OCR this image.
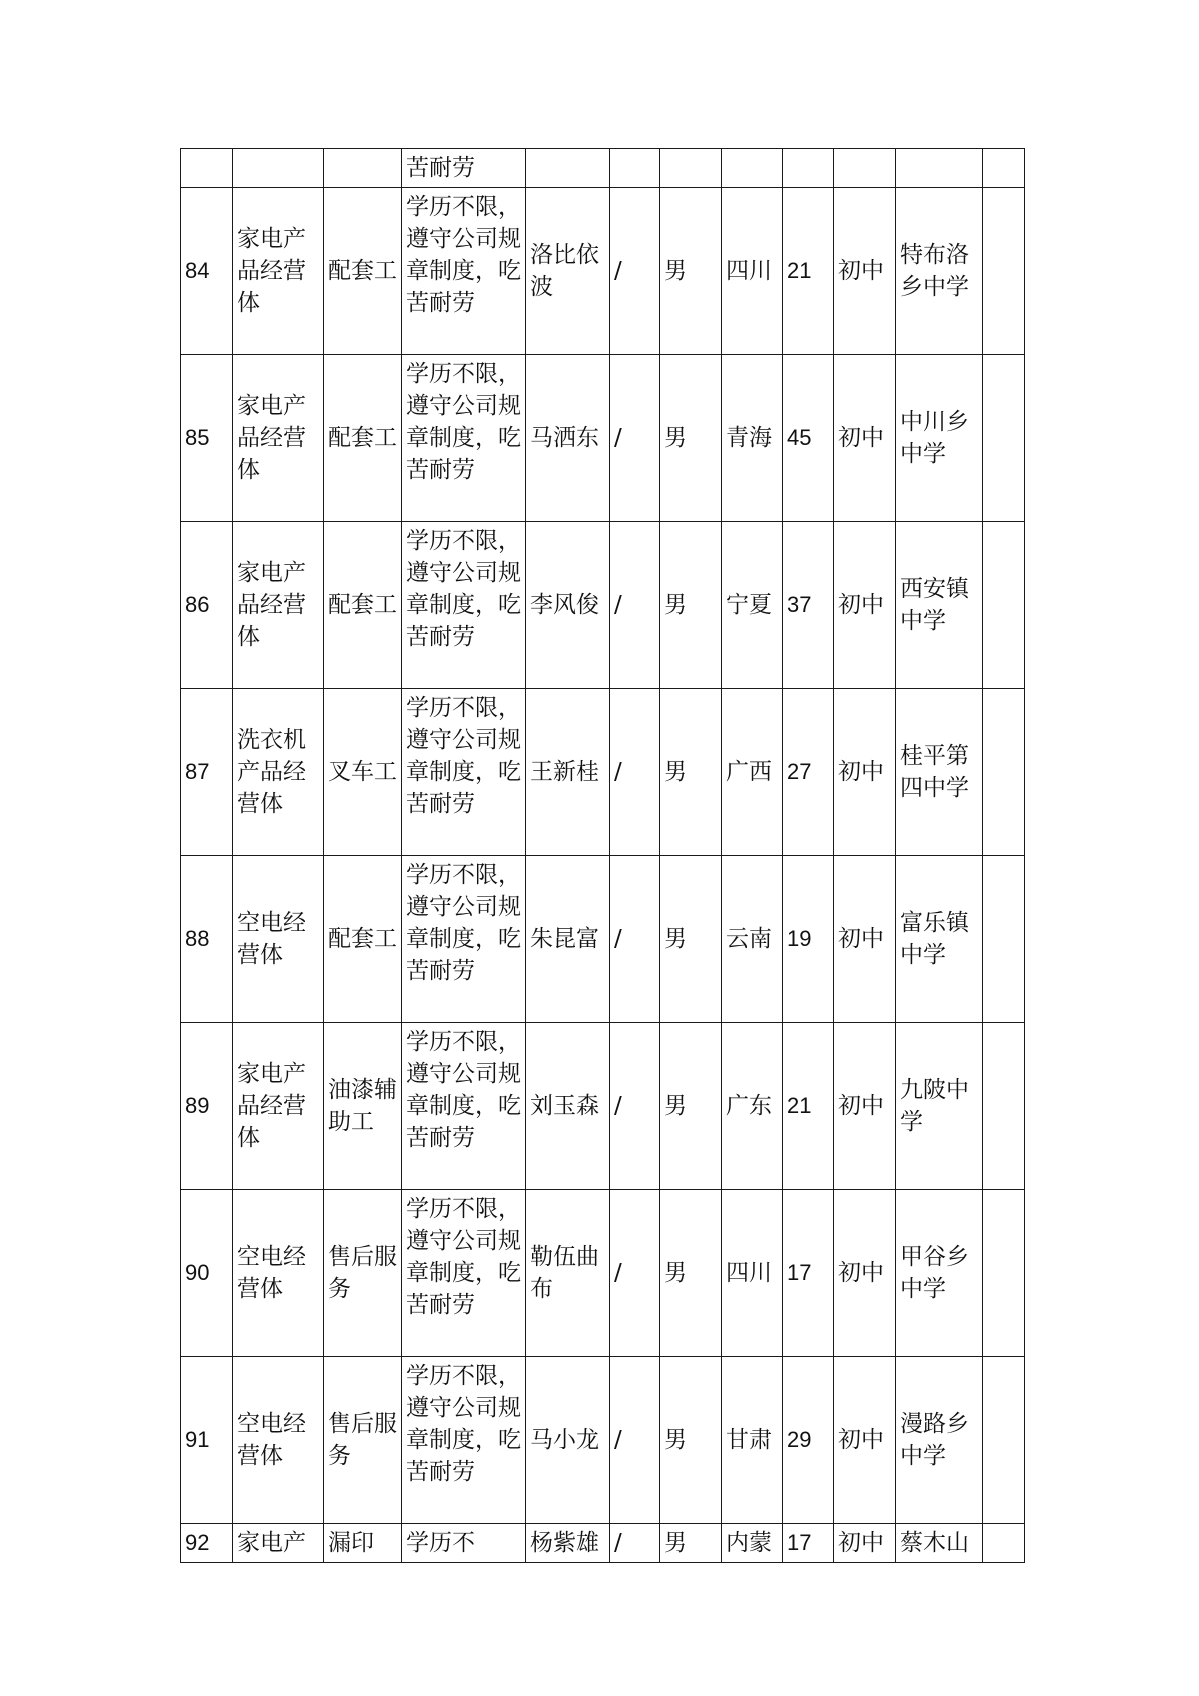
			苦耐劳								
84	家电产品经营体	配套工	学历不限，遵守公司规章制度，吃苦耐劳	洛比依波	/	男	四川	21	初中	特布洛乡中学	
85	家电产品经营体	配套工	学历不限，遵守公司规章制度，吃苦耐劳	马洒东	/	男	青海	45	初中	中川乡中学	
86	家电产品经营体	配套工	学历不限，遵守公司规章制度，吃苦耐劳	李风俊	/	男	宁夏	37	初中	西安镇中学	
87	洗衣机产品经营体	叉车工	学历不限，遵守公司规章制度，吃苦耐劳	王新桂	/	男	广西	27	初中	桂平第四中学	
88	空电经营体	配套工	学历不限，遵守公司规章制度，吃苦耐劳	朱昆富	/	男	云南	19	初中	富乐镇中学	
89	家电产品经营体	油漆辅助工	学历不限，遵守公司规章制度，吃苦耐劳	刘玉森	/	男	广东	21	初中	九陂中学	
90	空电经营体	售后服务	学历不限，遵守公司规章制度，吃苦耐劳	勒伍曲布	/	男	四川	17	初中	甲谷乡中学	
91	空电经营体	售后服务	学历不限，遵守公司规章制度，吃苦耐劳	马小龙	/	男	甘肃	29	初中	漫路乡中学	
92	家电产	漏印	学历不	杨紫雄	/	男	内蒙	17	初中	蔡木山	
